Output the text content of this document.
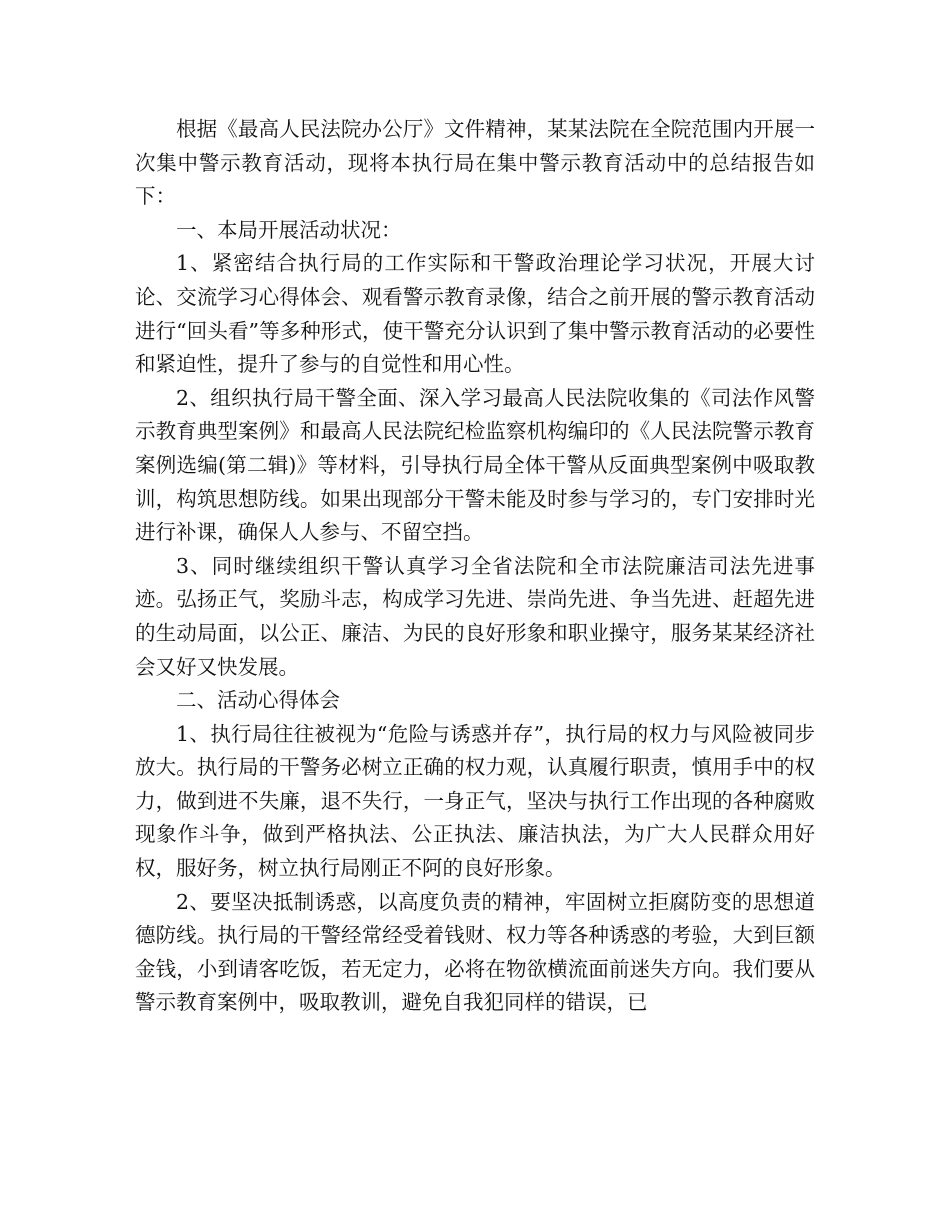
根据《最高人民法院办公厅》文件精神，某某法院在全院范围内开展一次集中警示教育活动，现将本执行局在集中警示教育活动中的总结报告如下：

一、本局开展活动状况：

1、紧密结合执行局的工作实际和干警政治理论学习状况，开展大讨论、交流学习心得体会、观看警示教育录像，结合之前开展的警示教育活动进行“回头看”等多种形式，使干警充分认识到了集中警示教育活动的必要性和紧迫性，提升了参与的自觉性和用心性。

2、组织执行局干警全面、深入学习最高人民法院收集的《司法作风警示教育典型案例》和最高人民法院纪检监察机构编印的《人民法院警示教育案例选编(第二辑)》等材料，引导执行局全体干警从反面典型案例中吸取教训，构筑思想防线。如果出现部分干警未能及时参与学习的，专门安排时光进行补课，确保人人参与、不留空挡。

3、同时继续组织干警认真学习全省法院和全市法院廉洁司法先进事迹。弘扬正气，奖励斗志，构成学习先进、崇尚先进、争当先进、赶超先进的生动局面，以公正、廉洁、为民的良好形象和职业操守，服务某某经济社会又好又快发展。

二、活动心得体会

1、执行局往往被视为“危险与诱惑并存”，执行局的权力与风险被同步放大。执行局的干警务必树立正确的权力观，认真履行职责，慎用手中的权力，做到进不失廉，退不失行，一身正气，坚决与执行工作出现的各种腐败现象作斗争，做到严格执法、公正执法、廉洁执法，为广大人民群众用好权，服好务，树立执行局刚正不阿的良好形象。

2、要坚决抵制诱惑，以高度负责的精神，牢固树立拒腐防变的思想道德防线。执行局的干警经常经受着钱财、权力等各种诱惑的考验，大到巨额金钱，小到请客吃饭，若无定力，必将在物欲横流面前迷失方向。我们要从警示教育案例中，吸取教训，避免自我犯同样的错误，已
